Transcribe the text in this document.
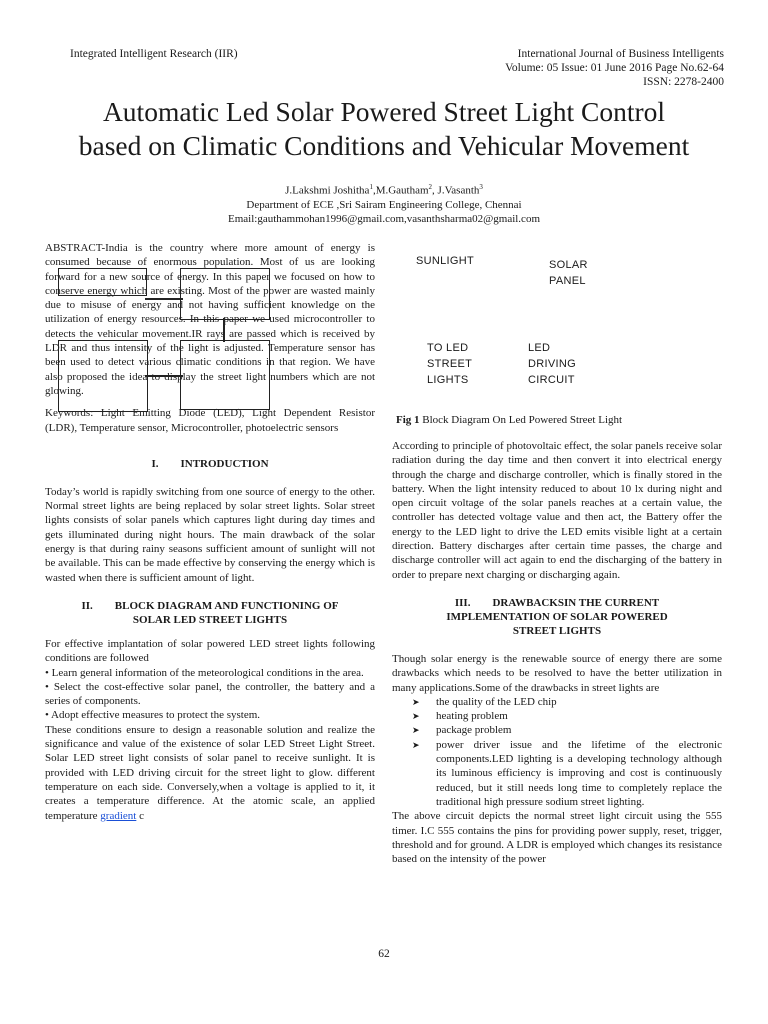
Integrated Intelligent Research (IIR)	International Journal of Business Intelligents
Volume: 05 Issue: 01 June 2016 Page No.62-64
ISSN: 2278-2400
Automatic Led Solar Powered Street Light Control
based on Climatic Conditions and Vehicular Movement
J.Lakshmi Joshitha$^1$,M.Gautham$^2$, J.Vasanth$^3$
Department of ECE ,Sri Sairam Engineering College, Chennai
Email:gauthammohan1996@gmail.com,vasanthsharma02@gmail.com

ABSTRACT-India is the country where more amount of energy is consumed because of enormous population. Most of us are looking forward for a new source of energy. In this paper we focused on how to conserve energy which are existing. Most of the power are wasted mainly due to misuse of energy and not having sufficient knowledge on the utilization of energy resources. In this paper we used microcontroller to detects the vehicular movement.IR rays are passed which is received by LDR and thus intensity of the light is adjusted. Temperature sensor has been used to detect various climatic conditions in that region. We have also proposed the idea to display the street light numbers which are not glowing.

Keywords: Light Emitting Diode (LED), Light Dependent Resistor (LDR), Temperature sensor, Microcontroller, photoelectric sensors

I.  INTRODUCTION

Today’s world is rapidly switching from one source of energy to the other. Normal street lights are being replaced by solar street lights. Solar street lights consists of solar panels which captures light during day times and gets illuminated during night hours. The main drawback of the solar energy is that during rainy seasons sufficient amount of sunlight will not be available. This can be made effective by conserving the energy which is wasted when there is sufficient amount of light.

II.  BLOCK DIAGRAM AND FUNCTIONING OF
SOLAR LED STREET LIGHTS

For effective implantation of solar powered LED street lights following conditions are followed

• Learn general information of the meteorological conditions in the area.

• Select the cost-effective solar panel, the controller, the battery and a series of components.

• Adopt effective measures to protect the system.

These conditions ensure to design a reasonable solution and realize the significance and value of the existence of solar LED Street Light Street. Solar LED street light consists of solar panel to receive sunlight. It is provided with LED driving circuit for the street light to glow. different temperature on each side. Conversely,when a voltage is applied to it, it creates a temperature difference. At the atomic scale, an applied temperature gradient c

SUNLIGHT	SOLAR
PANEL
TO LED
STREET
LIGHTS
LED
DRIVING
CIRCUIT
Fig 1 Block Diagram On Led Powered Street Light

According to principle of photovoltaic effect, the solar panels receive solar radiation during the day time and then convert it into electrical energy through the charge and discharge controller, which is finally stored in the battery. When the light intensity reduced to about 10 lx during night and open circuit voltage of the solar panels reaches at a certain value, the controller has detected voltage value and then act, the Battery offer the energy to the LED light to drive the LED emits visible light at a certain direction. Battery discharges after certain time passes, the charge and discharge controller will act again to end the discharging of the battery in order to prepare next charging or discharging again.

III.  DRAWBACKSIN THE CURRENT
IMPLEMENTATION OF SOLAR POWERED
STREET LIGHTS

Though solar energy is the renewable source of energy there are some drawbacks which needs to be resolved to have the better utilization in many applications.Some of the drawbacks in street lights are

➤ the quality of the LED chip
➤ heating problem
➤ package problem
➤ power driver issue and the lifetime of the electronic components.LED lighting is a developing technology although its luminous efficiency is improving and cost is continuously reduced, but it still needs long time to completely replace the traditional high pressure sodium street lighting.

The above circuit depicts the normal street light circuit using the 555 timer. I.C 555 contains the pins for providing power supply, reset, trigger, threshold and for ground. A LDR is employed which changes its resistance based on the intensity of the power

62
